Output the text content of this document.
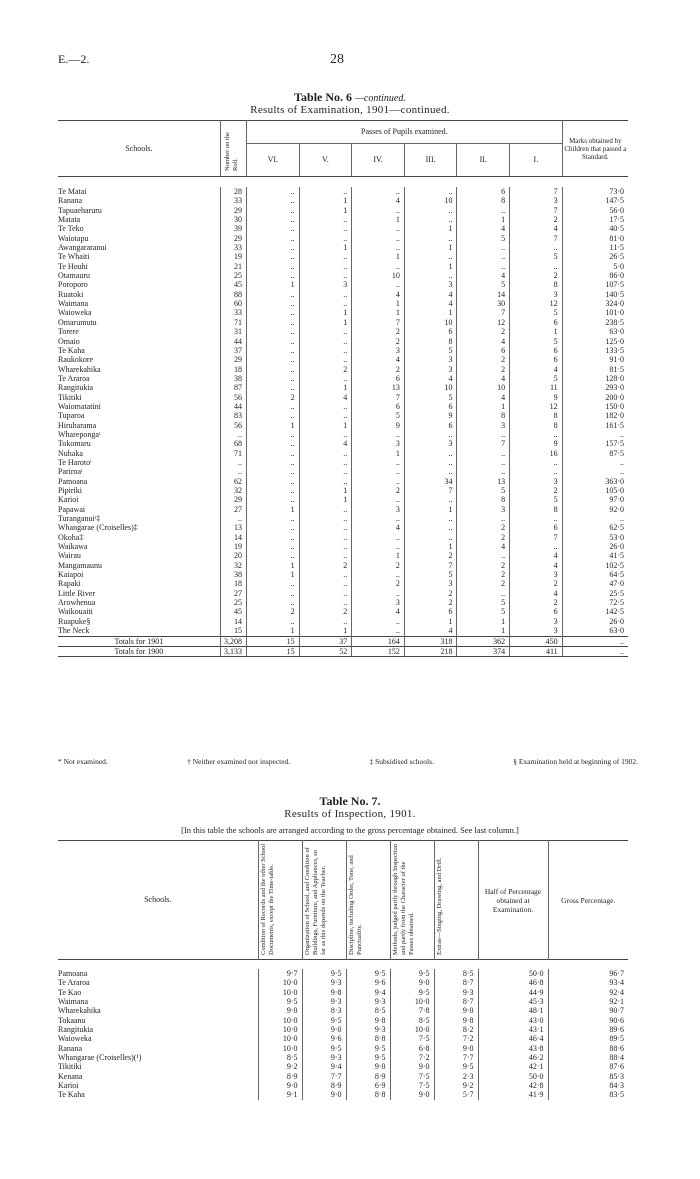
E.—2.	28
Table No. 6 —continued.
Results of Examination, 1901—continued.
Schools.	Number on the Roll.	Passes of Pupils examined.						Marks obtained by Children that passed a Standard.
		VI.	V.	IV.	III.	II.	I.	

Te Matai	28	..	..	..	..	6	7	73·0
Ranana	33	..	1	4	10	8	3	147·5
Tapuaeharuru	29	..	1	..	..	..	7	56·0
Matata	30	..	..	1	..	1	2	17·5
Te Teko	39	..	..	..	1	4	4	40·5
Waiotapu	29	..	..	..	..	5	7	81·0
Awangararanui	33	..	1	..	1	..	..	11·5
Te Whaiti	19	..	..	1	..	..	5	26·5
Te Houhi	21	..	..	..	1	..	..	5·0
Otamauru	25	..	..	10	..	4	2	86·0
Poroporo	45	1	3	..	3	5	8	107·5
Ruatoki	88	..	..	4	4	14	3	140·5
Waimana	60	..	..	1	4	30	12	324·0
Waioweka	33	..	1	1	1	7	5	101·0
Omarumutu	71	..	1	7	10	12	6	238·5
Torere	31	..	..	2	6	2	1	63·0
Omaio	44	..	..	2	8	4	5	125·0
Te Kaha	37	..	..	3	5	6	6	133·5
Raukokore	29	..	..	4	3	2	6	91·0
Wharekahika	18	..	2	2	3	2	4	81·5
Te Araroa	38	..	..	6	4	4	5	128·0
Rangitukia	87	..	1	13	10	10	11	293·0
Tikitiki	56	2	4	7	5	4	9	200·0
Waiomatatini	44	..	..	6	6	1	12	150·0
Tuparoa	83	..	..	5	9	8	8	182·0
Hiruharama	56	1	1	9	6	3	8	161·5
Wharepongaᵗ	..	..	..	..	..	..	..	..
Tokomaru	68	..	4	3	3	7	9	157·5
Nuhaka	71	..	..	1	..	..	16	87·5
Te Harotoᵗ	..	..	..	..	..	..	..	..
Pariroaᵗ	..	..	..	..	..	..	..	..
Pamoana	62	..	..	..	34	13	3	363·0
Pipiriki	32	..	1	2	7	5	2	105·0
Karioi	29	..	1	..	..	8	5	97·0
Papawai	27	1	..	3	1	3	8	92·0
Turanganuiᵗ‡	..	..	..	..	..	..	..	..
Whangarae (Croiselles)‡	13	..	..	4	..	2	6	62·5
Okoha‡	14	..	..	..	..	2	7	53·0
Waikawa	19	..	..	..	1	4	..	26·0
Wairau	20	..	..	1	2	..	4	41·5
Mangamaunu	32	1	2	2	7	2	4	102·5
Kaiapoi	38	1	..	..	5	2	3	64·5
Rapaki	18	..	..	2	3	2	2	47·0
Little River	27	..	..	..	2	..	4	25·5
Arowhenua	25	..	..	3	2	5	2	72·5
Waikouaiti	45	2	2	4	6	5	6	142·5
Ruapuke§	14	..	..	..	1	1	3	26·0
The Neck	15	1	1	..	4	1	3	63·0
Totals for 1901	3,208	15	37	164	318	362	450	..
Totals for 1900	3,133	15	52	152	218	374	411	..

* Not examined.	† Neither examined nor inspected.	‡ Subsidised schools.	§ Examination held at beginning of 1902.
Table No. 7.
Results of Inspection, 1901.
[In this table the schools are arranged according to the gross percentage obtained. See last column.]
Schools.	Condition of Records and the other School Documents, except the Time-table.	Organization of School, and Condition of Buildings, Furniture, and Appliances, so far as this depends on the Teacher.	Discipline, including Order, Tone, and Punctuality.	Methods, judged partly through Inspection and partly from the Character of the Passes obtained.	Extras—Singing, Drawing, and Drill.	Half of Percentage obtained at Examination.	Gross Percentage.

Pamoana	9·7	9·5	9·5	9·5	8·5	50·0	96·7
Te Araroa	10·0	9·3	9·6	9·0	8·7	46·8	93·4
Te Kao	10·0	9·8	9·4	9·5	9·3	44·9	92·4
Waimana	9·5	9·3	9·3	10·0	8·7	45·3	92·1
Wharekahika	9·0	8·3	8·5	7·8	9·0	48·1	90·7
Tokaanu	10·0	9·5	9·8	8·5	9·8	43·0	90·6
Rangitukia	10·0	9·0	9·3	10·0	8·2	43·1	89·6
Waioweka	10·0	9·6	8·8	7·5	7·2	46·4	89·5
Ranana	10·0	9·5	9·5	6·8	9·0	43·8	88·6
Whangarae (Croiselles)(¹)	8·5	9·3	9·5	7·2	7·7	46·2	88·4
Tikitiki	9·2	9·4	9·0	9·0	9·5	42·1	87·6
Kenana	8·9	7·7	8·9	7·5	2·3	50·0	85·3
Karioi	9·0	8·9	6·9	7·5	9·2	42·8	84·3
Te Kaha	9·1	9·0	8·8	9·0	5·7	41·9	83·5
